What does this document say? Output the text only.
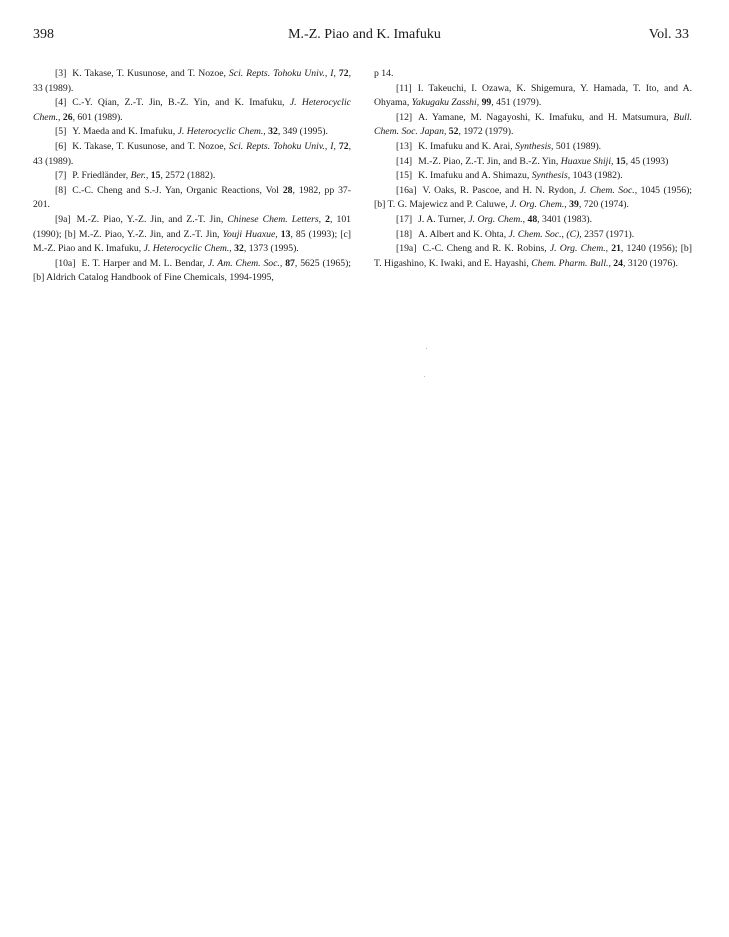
398	M.-Z. Piao and K. Imafuku	Vol. 33

[3] K. Takase, T. Kusunose, and T. Nozoe, Sci. Repts. Tohoku Univ., I, 72, 33 (1989).

[4] C.-Y. Qian, Z.-T. Jin, B.-Z. Yin, and K. Imafuku, J. Heterocyclic Chem., 26, 601 (1989).

[5] Y. Maeda and K. Imafuku, J. Heterocyclic Chem., 32, 349 (1995).

[6] K. Takase, T. Kusunose, and T. Nozoe, Sci. Repts. Tohoku Univ., I, 72, 43 (1989).

[7] P. Friedländer, Ber., 15, 2572 (1882).

[8] C.-C. Cheng and S.-J. Yan, Organic Reactions, Vol 28, 1982, pp 37-201.

[9a] M.-Z. Piao, Y.-Z. Jin, and Z.-T. Jin, Chinese Chem. Letters, 2, 101 (1990); [b] M.-Z. Piao, Y.-Z. Jin, and Z.-T. Jin, Youji Huaxue, 13, 85 (1993); [c] M.-Z. Piao and K. Imafuku, J. Heterocyclic Chem., 32, 1373 (1995).

[10a] E. T. Harper and M. L. Bendar, J. Am. Chem. Soc., 87, 5625 (1965); [b] Aldrich Catalog Handbook of Fine Chemicals, 1994-1995,

p 14.

[11] I. Takeuchi, I. Ozawa, K. Shigemura, Y. Hamada, T. Ito, and A. Ohyama, Yakugaku Zasshi, 99, 451 (1979).

[12] A. Yamane, M. Nagayoshi, K. Imafuku, and H. Matsumura, Bull. Chem. Soc. Japan, 52, 1972 (1979).

[13] K. Imafuku and K. Arai, Synthesis, 501 (1989).

[14] M.-Z. Piao, Z.-T. Jin, and B.-Z. Yin, Huaxue Shiji, 15, 45 (1993)

[15] K. Imafuku and A. Shimazu, Synthesis, 1043 (1982).

[16a] V. Oaks, R. Pascoe, and H. N. Rydon, J. Chem. Soc., 1045 (1956); [b] T. G. Majewicz and P. Caluwe, J. Org. Chem., 39, 720 (1974).

[17] J. A. Turner, J. Org. Chem., 48, 3401 (1983).

[18] A. Albert and K. Ohta, J. Chem. Soc., (C), 2357 (1971).

[19a] C.-C. Cheng and R. K. Robins, J. Org. Chem., 21, 1240 (1956); [b] T. Higashino, K. Iwaki, and E. Hayashi, Chem. Pharm. Bull., 24, 3120 (1976).
